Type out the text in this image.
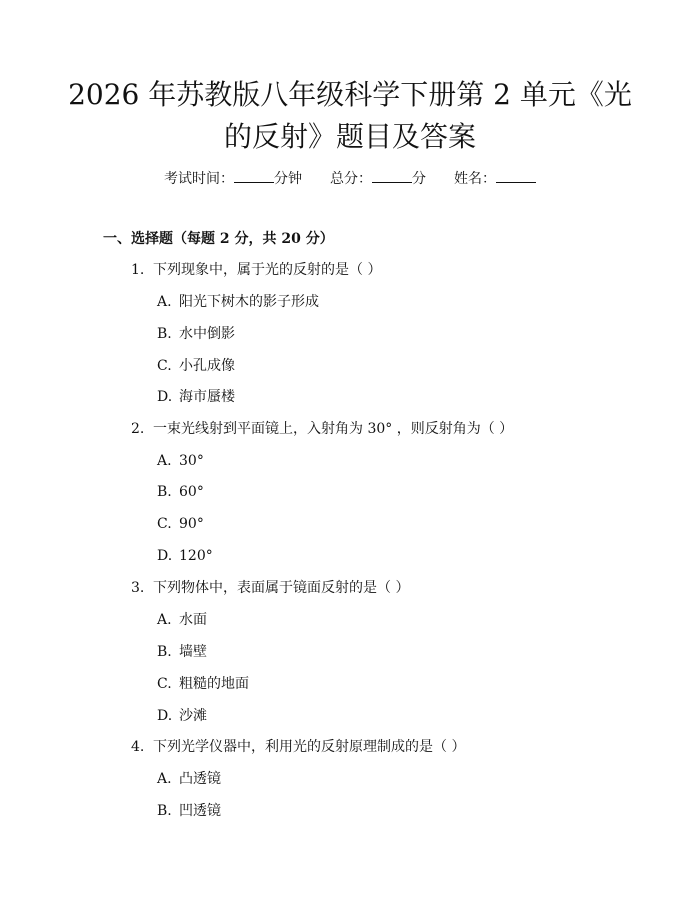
2026 年苏教版八年级科学下册第 2 单元《光
的反射》题目及答案
考试时间：	分钟 总分：	分 姓名：
一、选择题（每题 2 分，共 20 分）
1. 下列现象中，属于光的反射的是（ ）
A. 阳光下树木的影子形成
B. 水中倒影
C. 小孔成像
D. 海市蜃楼
2. 一束光线射到平面镜上，入射角为 30° ，则反射角为（ ）
A. 30°
B. 60°
C. 90°
D. 120°
3. 下列物体中，表面属于镜面反射的是（ ）
A. 水面
B. 墙壁
C. 粗糙的地面
D. 沙滩
4. 下列光学仪器中，利用光的反射原理制成的是（ ）
A. 凸透镜
B. 凹透镜
